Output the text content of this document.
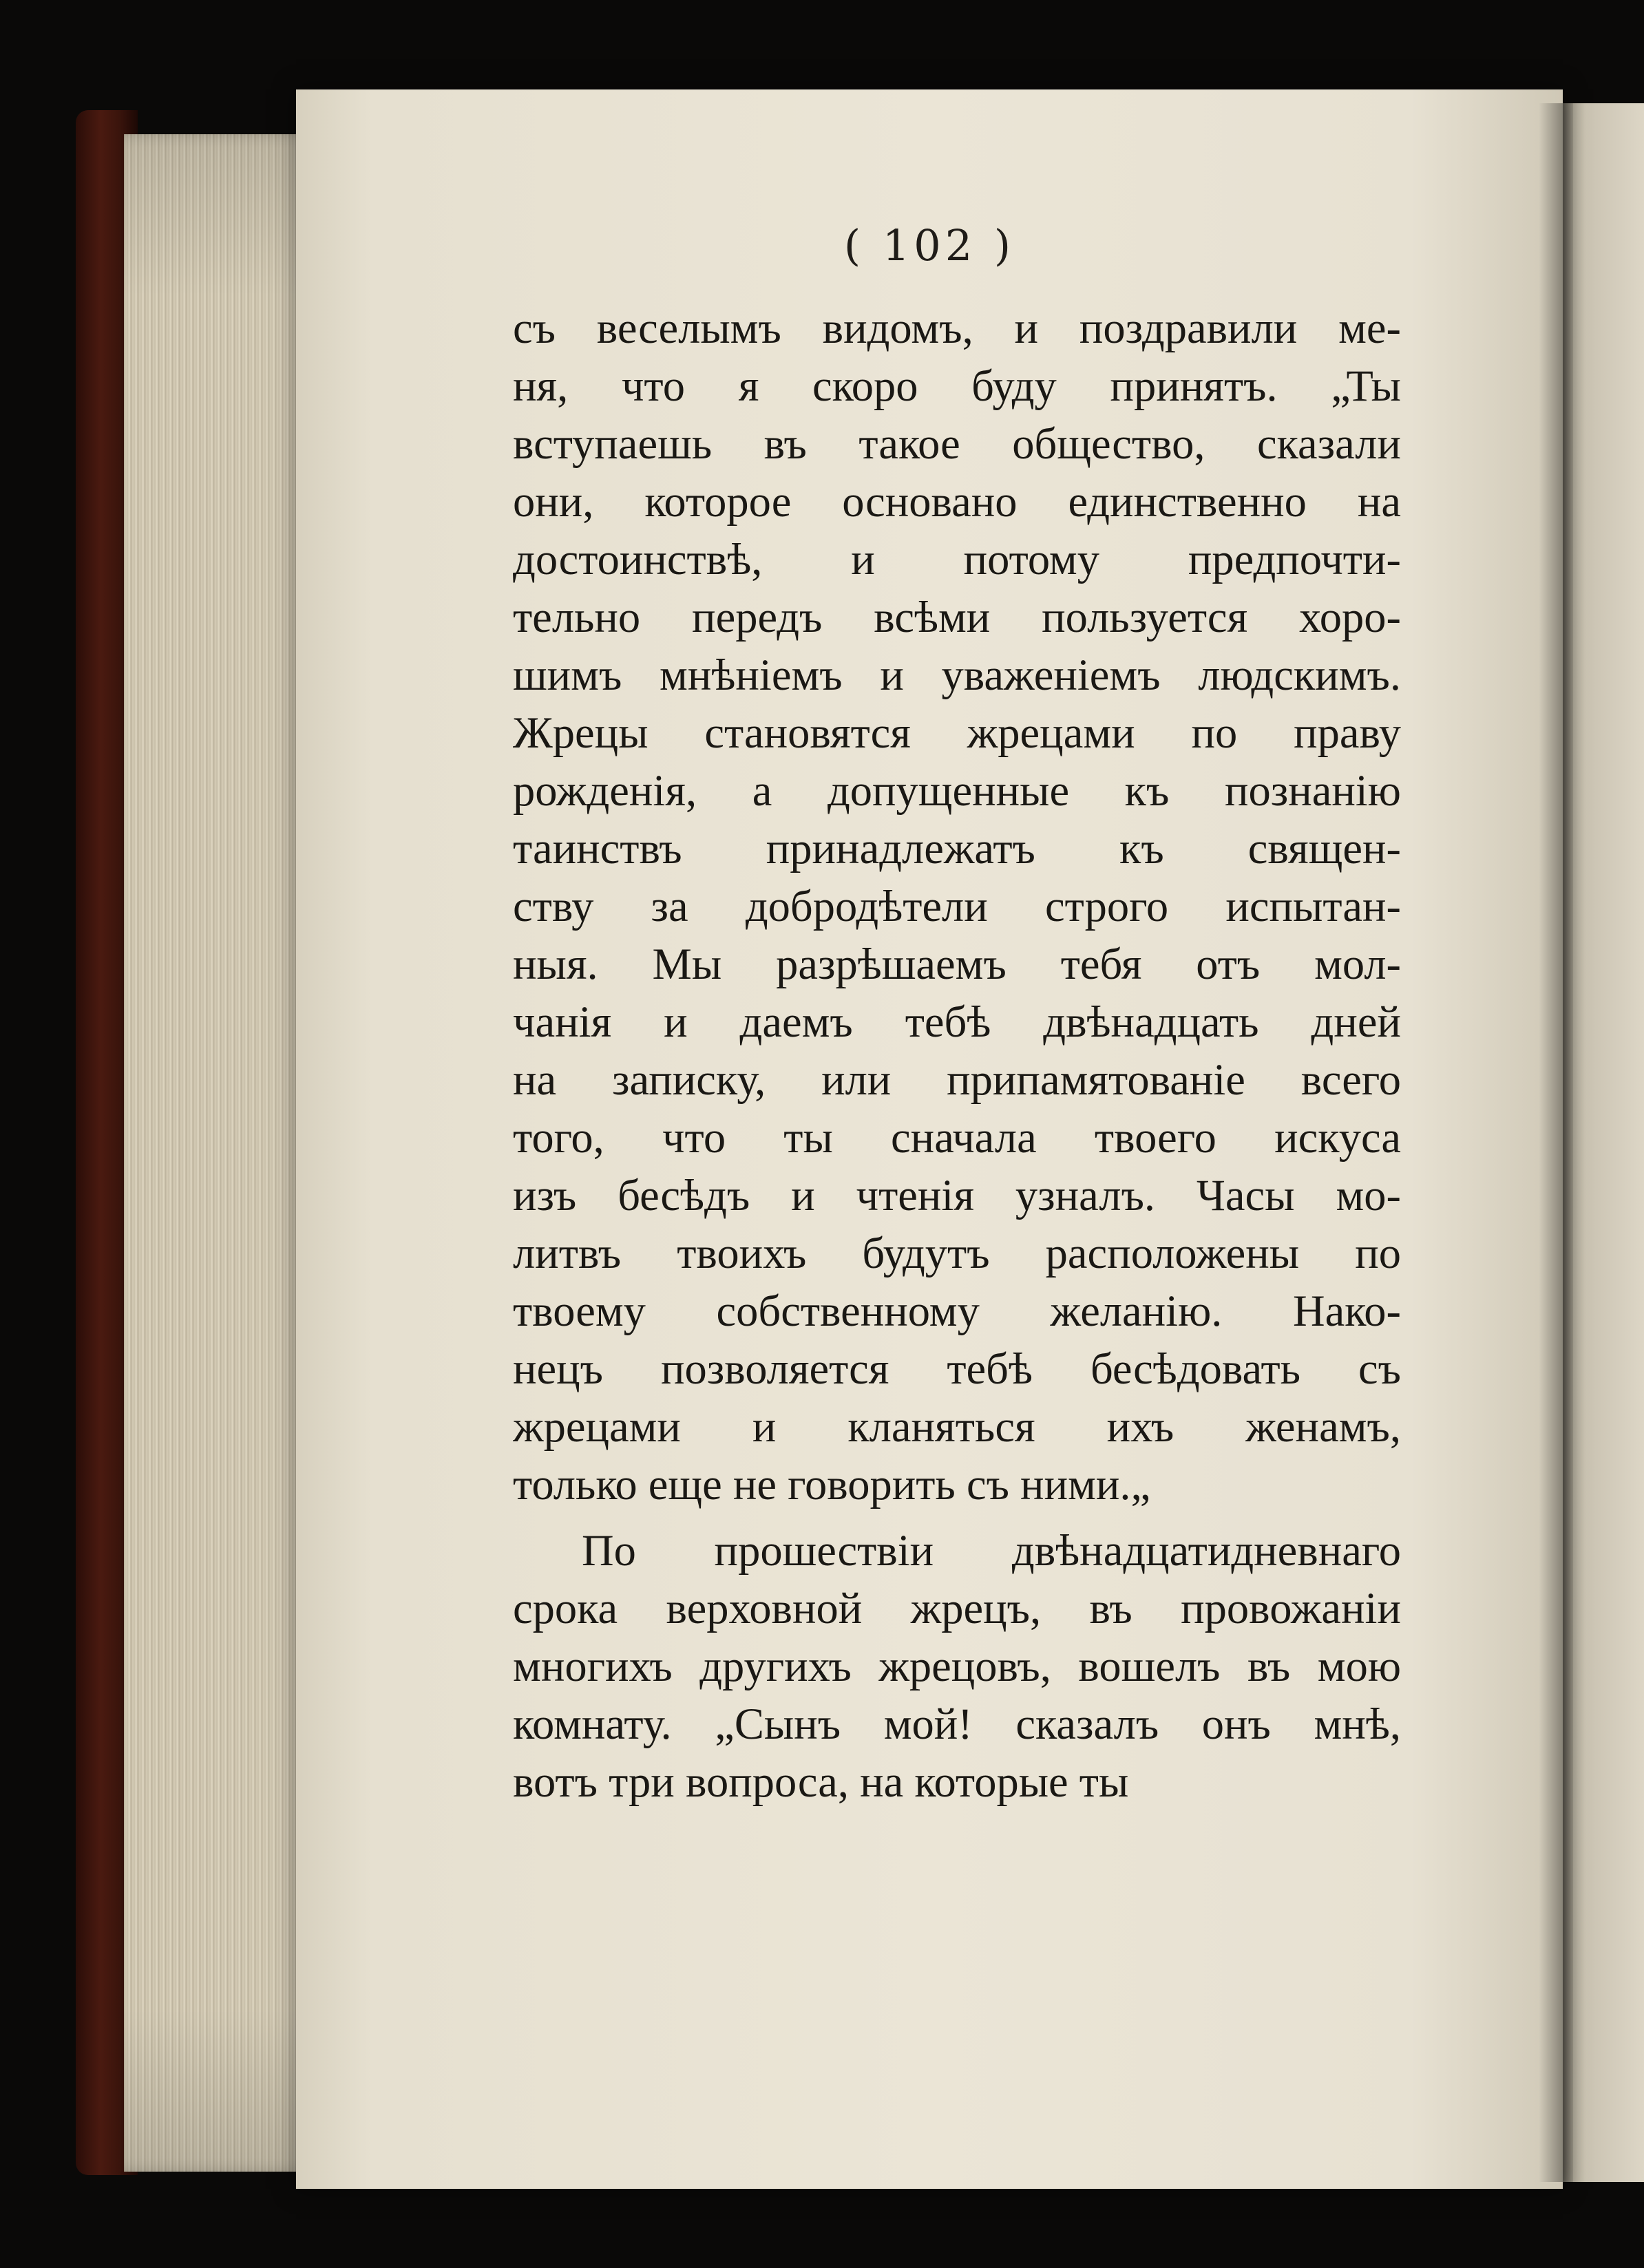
( 102 )
съ веселымъ видомъ, и поздравили ме-
ня, что я скоро буду принятъ. „Ты
вступаешь въ такое общество, сказали
они, которое основано единственно на
достоинствѣ, и потому предпочти-
тельно передъ всѣми пользуется хоро-
шимъ мнѣніемъ и уваженіемъ людскимъ.
Жрецы становятся жрецами по праву
рожденія, а допущенные къ познанію
таинствъ принадлежатъ къ священ-
ству за добродѣтели строго испытан-
ныя. Мы разрѣшаемъ тебя отъ мол-
чанія и даемъ тебѣ двѣнадцать дней
на записку, или припамятованіе всего
того, что ты сначала твоего искуса
изъ бесѣдъ и чтенія узналъ. Часы мо-
литвъ твоихъ будутъ расположены по
твоему собственному желанію. Нако-
нецъ позволяется тебѣ бесѣдовать съ
жрецами и кланяться ихъ женамъ,
только еще не говорить съ ними.„
По прошествіи двѣнадцатидневнаго
срока верховной жрецъ, въ провожаніи
многихъ другихъ жрецовъ, вошелъ въ мою
комнату. „Сынъ мой! сказалъ онъ мнѣ,
вотъ три вопроса, на которые ты
